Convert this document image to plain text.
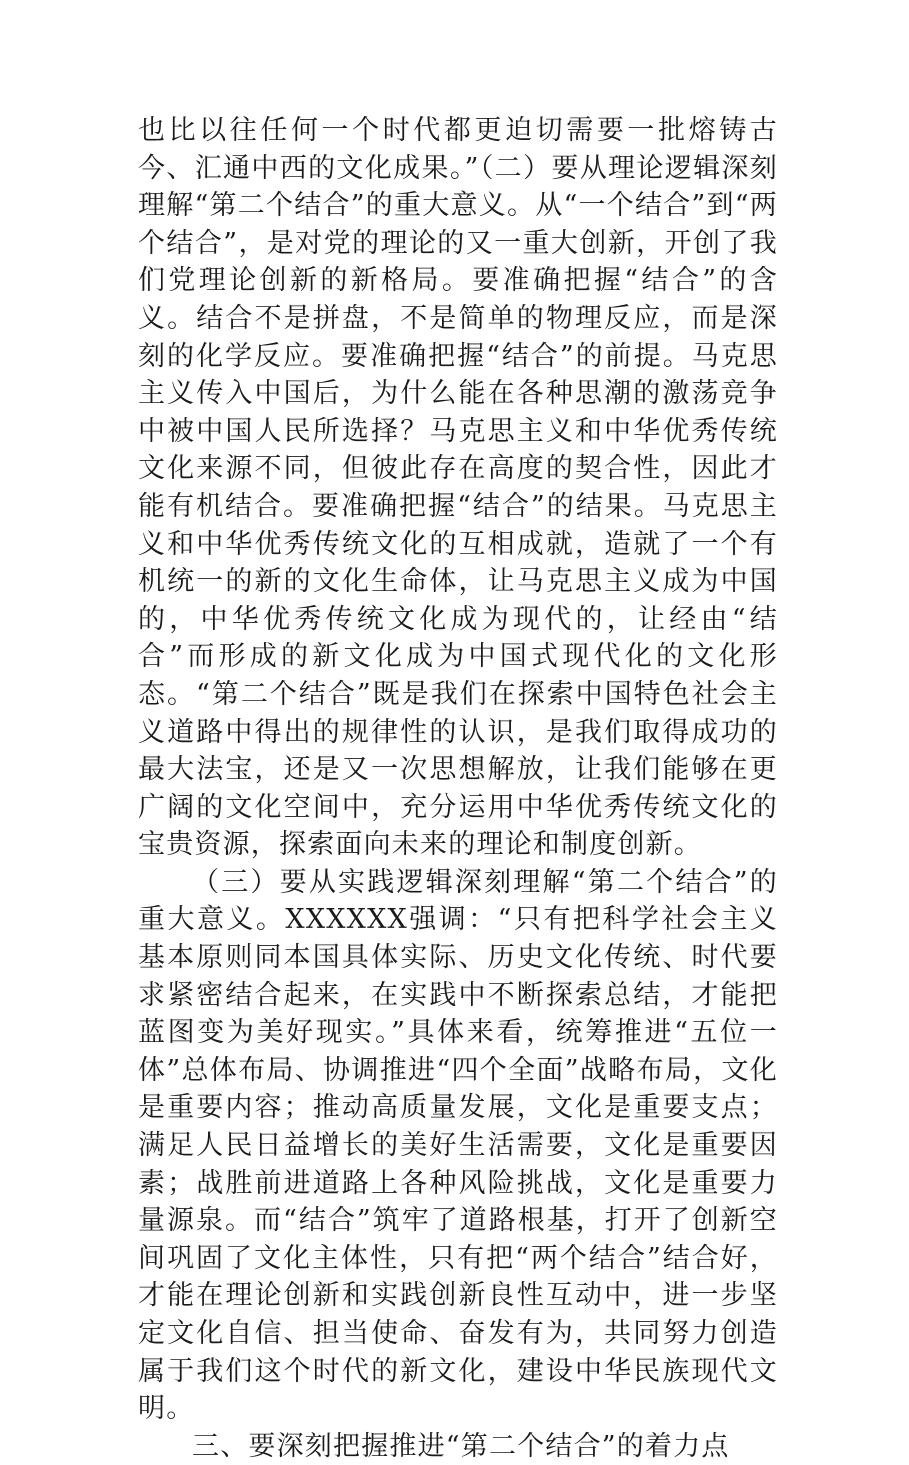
也比以往任何一个时代都更迫切需要一批熔铸古今、汇通中西的文化成果。”（二）要从理论逻辑深刻理解“第二个结合”的重大意义。从“一个结合”到“两个结合”，是对党的理论的又一重大创新，开创了我们党理论创新的新格局。要准确把握“结合”的含义。结合不是拼盘，不是简单的物理反应，而是深刻的化学反应。要准确把握“结合”的前提。马克思主义传入中国后，为什么能在各种思潮的激荡竞争中被中国人民所选择？马克思主义和中华优秀传统文化来源不同，但彼此存在高度的契合性，因此才能有机结合。要准确把握“结合”的结果。马克思主义和中华优秀传统文化的互相成就，造就了一个有机统一的新的文化生命体，让马克思主义成为中国的，中华优秀传统文化成为现代的，让经由“结合”而形成的新文化成为中国式现代化的文化形态。“第二个结合”既是我们在探索中国特色社会主义道路中得出的规律性的认识，是我们取得成功的最大法宝，还是又一次思想解放，让我们能够在更广阔的文化空间中，充分运用中华优秀传统文化的宝贵资源，探索面向未来的理论和制度创新。

（三）要从实践逻辑深刻理解“第二个结合”的重大意义。XXXXXX强调：“只有把科学社会主义基本原则同本国具体实际、历史文化传统、时代要求紧密结合起来，在实践中不断探索总结，才能把蓝图变为美好现实。”具体来看，统筹推进“五位一体”总体布局、协调推进“四个全面”战略布局，文化是重要内容；推动高质量发展，文化是重要支点；满足人民日益增长的美好生活需要，文化是重要因素；战胜前进道路上各种风险挑战，文化是重要力量源泉。而“结合”筑牢了道路根基，打开了创新空间巩固了文化主体性，只有把“两个结合”结合好，才能在理论创新和实践创新良性互动中，进一步坚定文化自信、担当使命、奋发有为，共同努力创造属于我们这个时代的新文化，建设中华民族现代文明。

三、要深刻把握推进“第二个结合”的着力点
